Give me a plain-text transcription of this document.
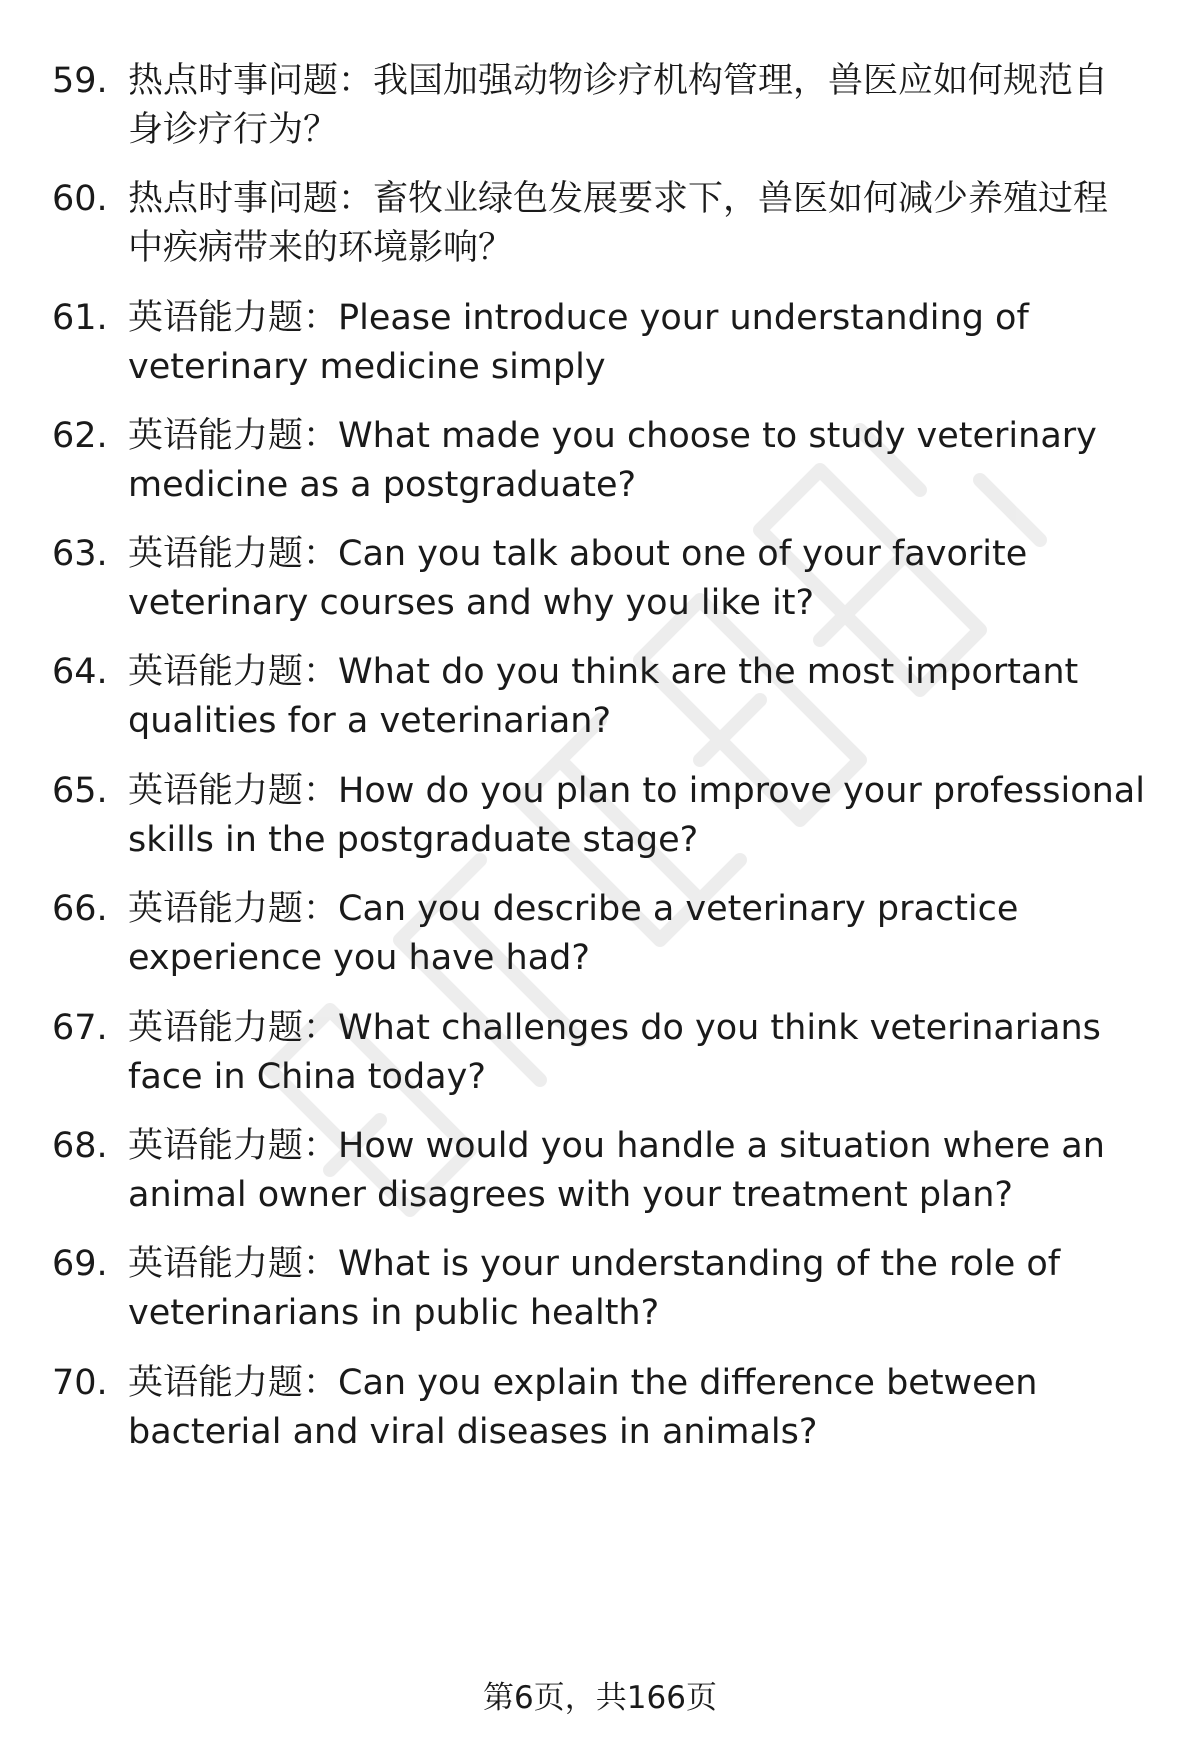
59. 热点时事问题：我国加强动物诊疗机构管理，兽医应如何规范自
身诊疗行为？
60. 热点时事问题：畜牧业绿色发展要求下，兽医如何减少养殖过程
中疾病带来的环境影响？
61. 英语能力题：Please introduce your understanding of
veterinary medicine simply
62. 英语能力题：What made you choose to study veterinary
medicine as a postgraduate?
63. 英语能力题：Can you talk about one of your favorite
veterinary courses and why you like it?
64. 英语能力题：What do you think are the most important
qualities for a veterinarian?
65. 英语能力题：How do you plan to improve your professional
skills in the postgraduate stage?
66. 英语能力题：Can you describe a veterinary practice
experience you have had?
67. 英语能力题：What challenges do you think veterinarians
face in China today?
68. 英语能力题：How would you handle a situation where an
animal owner disagrees with your treatment plan?
69. 英语能力题：What is your understanding of the role of
veterinarians in public health?
70. 英语能力题：Can you explain the difference between
bacterial and viral diseases in animals?
第6页，共166页
